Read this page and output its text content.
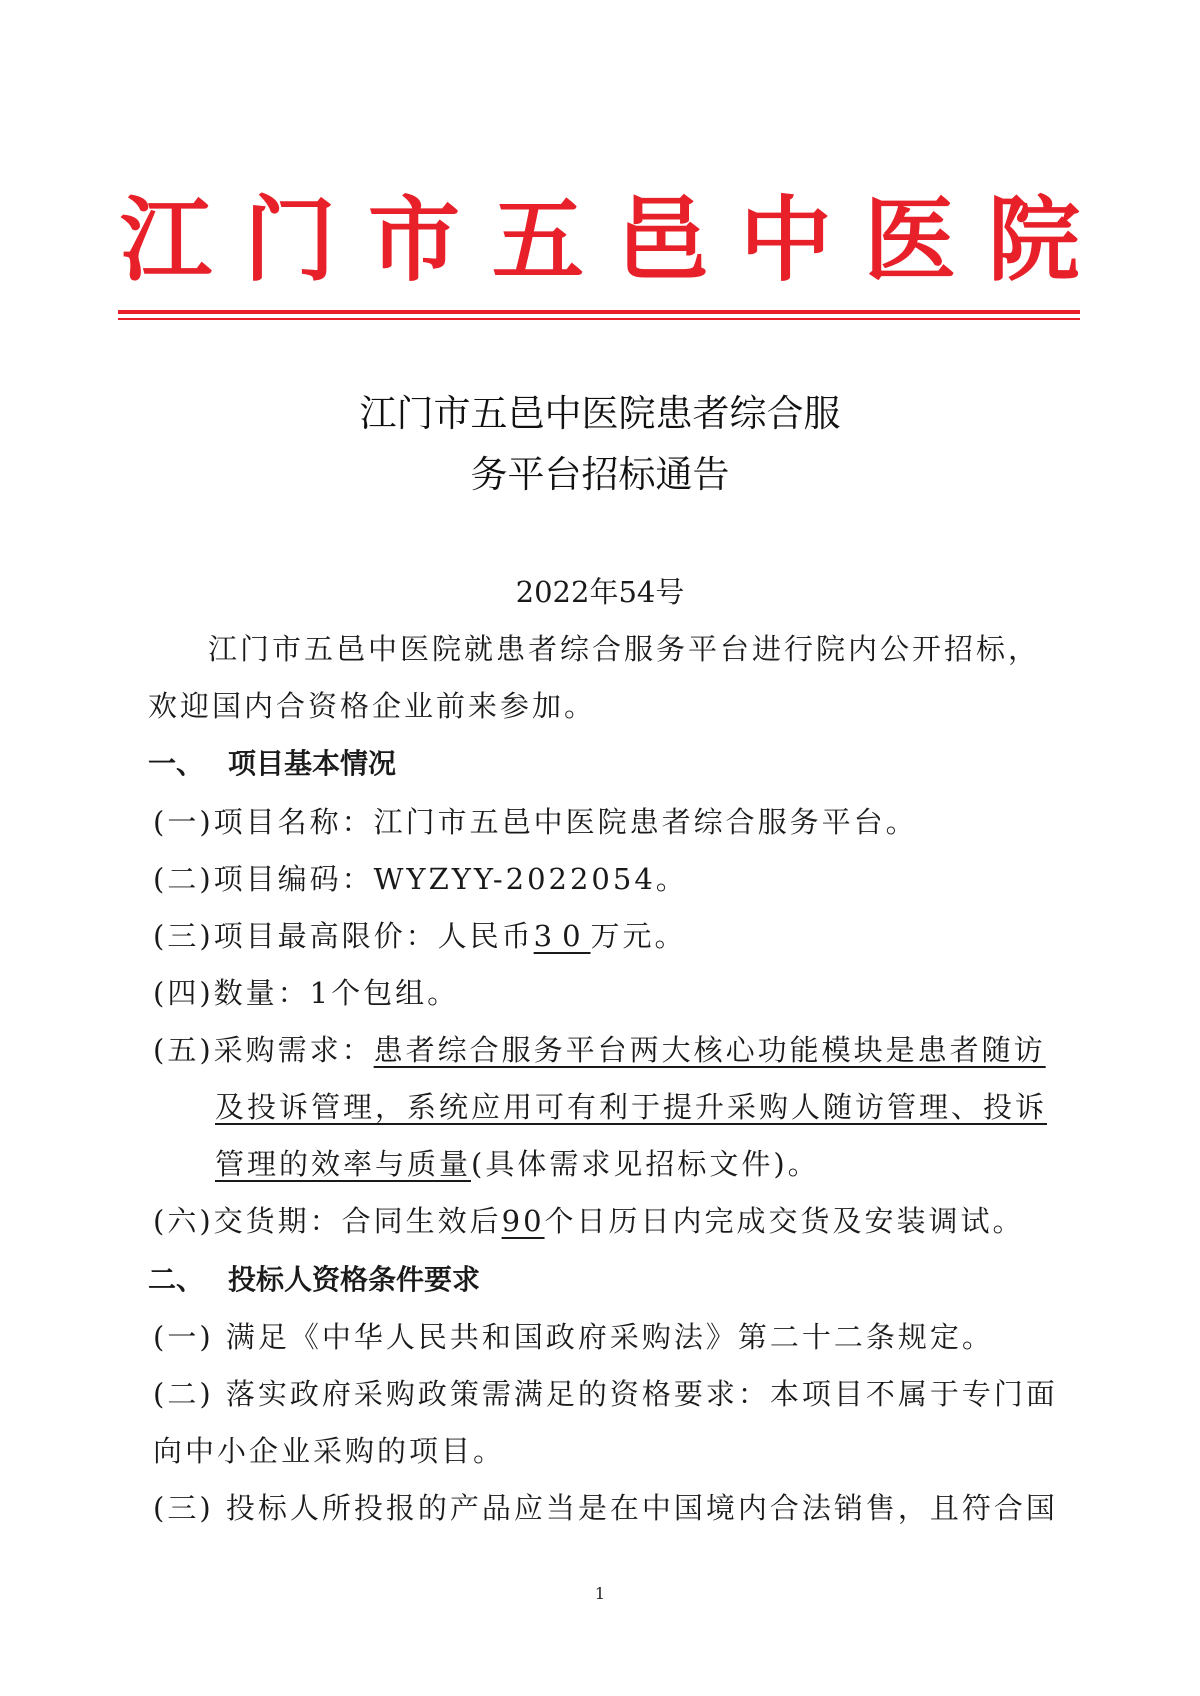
江 门 市 五 邑 中 医 院
江门市五邑中医院患者综合服
务平台招标通告
2022年54号
江门市五邑中医院就患者综合服务平台进行院内公开招标，
欢迎国内合资格企业前来参加。
一、 项目基本情况
(一)项目名称：江门市五邑中医院患者综合服务平台。
(二)项目编码：WYZYY-2022054。
(三)项目最高限价：人民币30万元。
(四)数量：1个包组。
(五)采购需求：患者综合服务平台两大核心功能模块是患者随访
及投诉管理，系统应用可有利于提升采购人随访管理、投诉
管理的效率与质量(具体需求见招标文件)。
(六)交货期：合同生效后90个日历日内完成交货及安装调试。
二、 投标人资格条件要求
(一) 满足《中华人民共和国政府采购法》第二十二条规定。
(二) 落实政府采购政策需满足的资格要求：本项目不属于专门面
向中小企业采购的项目。
(三) 投标人所投报的产品应当是在中国境内合法销售，且符合国
1
